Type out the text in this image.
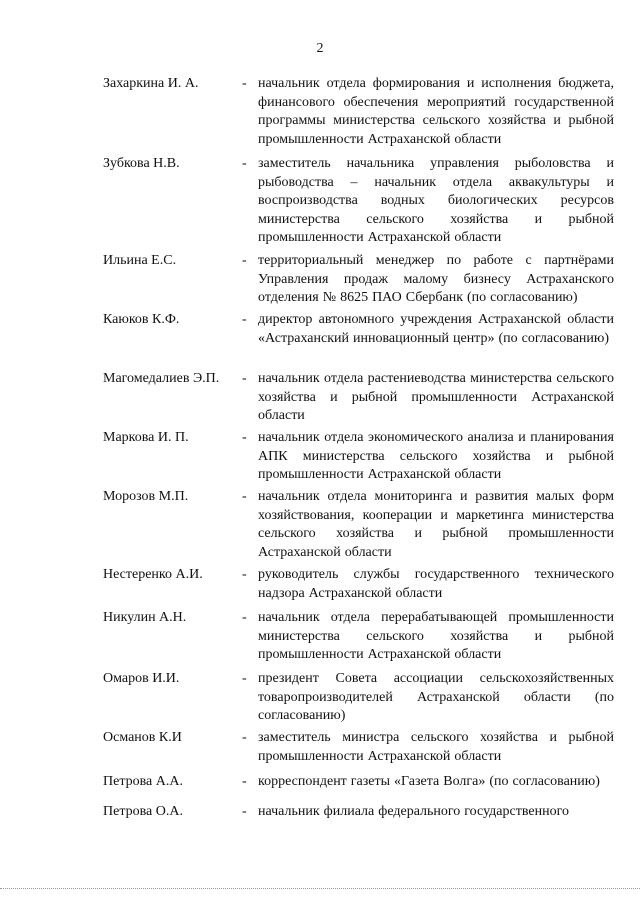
2
Захаркина И. А.	- начальник отдела формирования и исполнения бюджета, финансового обеспечения мероприятий государственной программы министерства сельского хозяйства и рыбной промышленности Астраханской области
Зубкова Н.В.	- заместитель начальника управления рыболовства и рыбоводства – начальник отдела аквакультуры и воспроизводства водных биологических ресурсов министерства сельского хозяйства и рыбной промышленности Астраханской области
Ильина Е.С.	- территориальный менеджер по работе с партнёрами Управления продаж малому бизнесу Астраханского отделения № 8625 ПАО Сбербанк (по согласованию)
Каюков К.Ф.	- директор автономного учреждения Астраханской области «Астраханский инновационный центр» (по согласованию)
Магомедалиев Э.П. - начальник отдела растениеводства министерства сельского хозяйства и рыбной промышленности Астраханской области
Маркова И. П.	- начальник отдела экономического анализа и планирования АПК министерства сельского хозяйства и рыбной промышленности Астраханской области
Морозов М.П.	- начальник отдела мониторинга и развития малых форм хозяйствования, кооперации и маркетинга министерства сельского хозяйства и рыбной промышленности Астраханской области
Нестеренко А.И.	- руководитель службы государственного технического надзора Астраханской области
Никулин А.Н.	- начальник отдела перерабатывающей промышленности министерства сельского хозяйства и рыбной промышленности Астраханской области
Омаров И.И.	- президент Совета ассоциации сельскохозяйственных товаропроизводителей Астраханской области (по согласованию)
Османов К.И	- заместитель министра сельского хозяйства и рыбной промышленности Астраханской области
Петрова А.А.	- корреспондент газеты «Газета Волга» (по согласованию)
Петрова О.А.	- начальник филиала федерального государственного
